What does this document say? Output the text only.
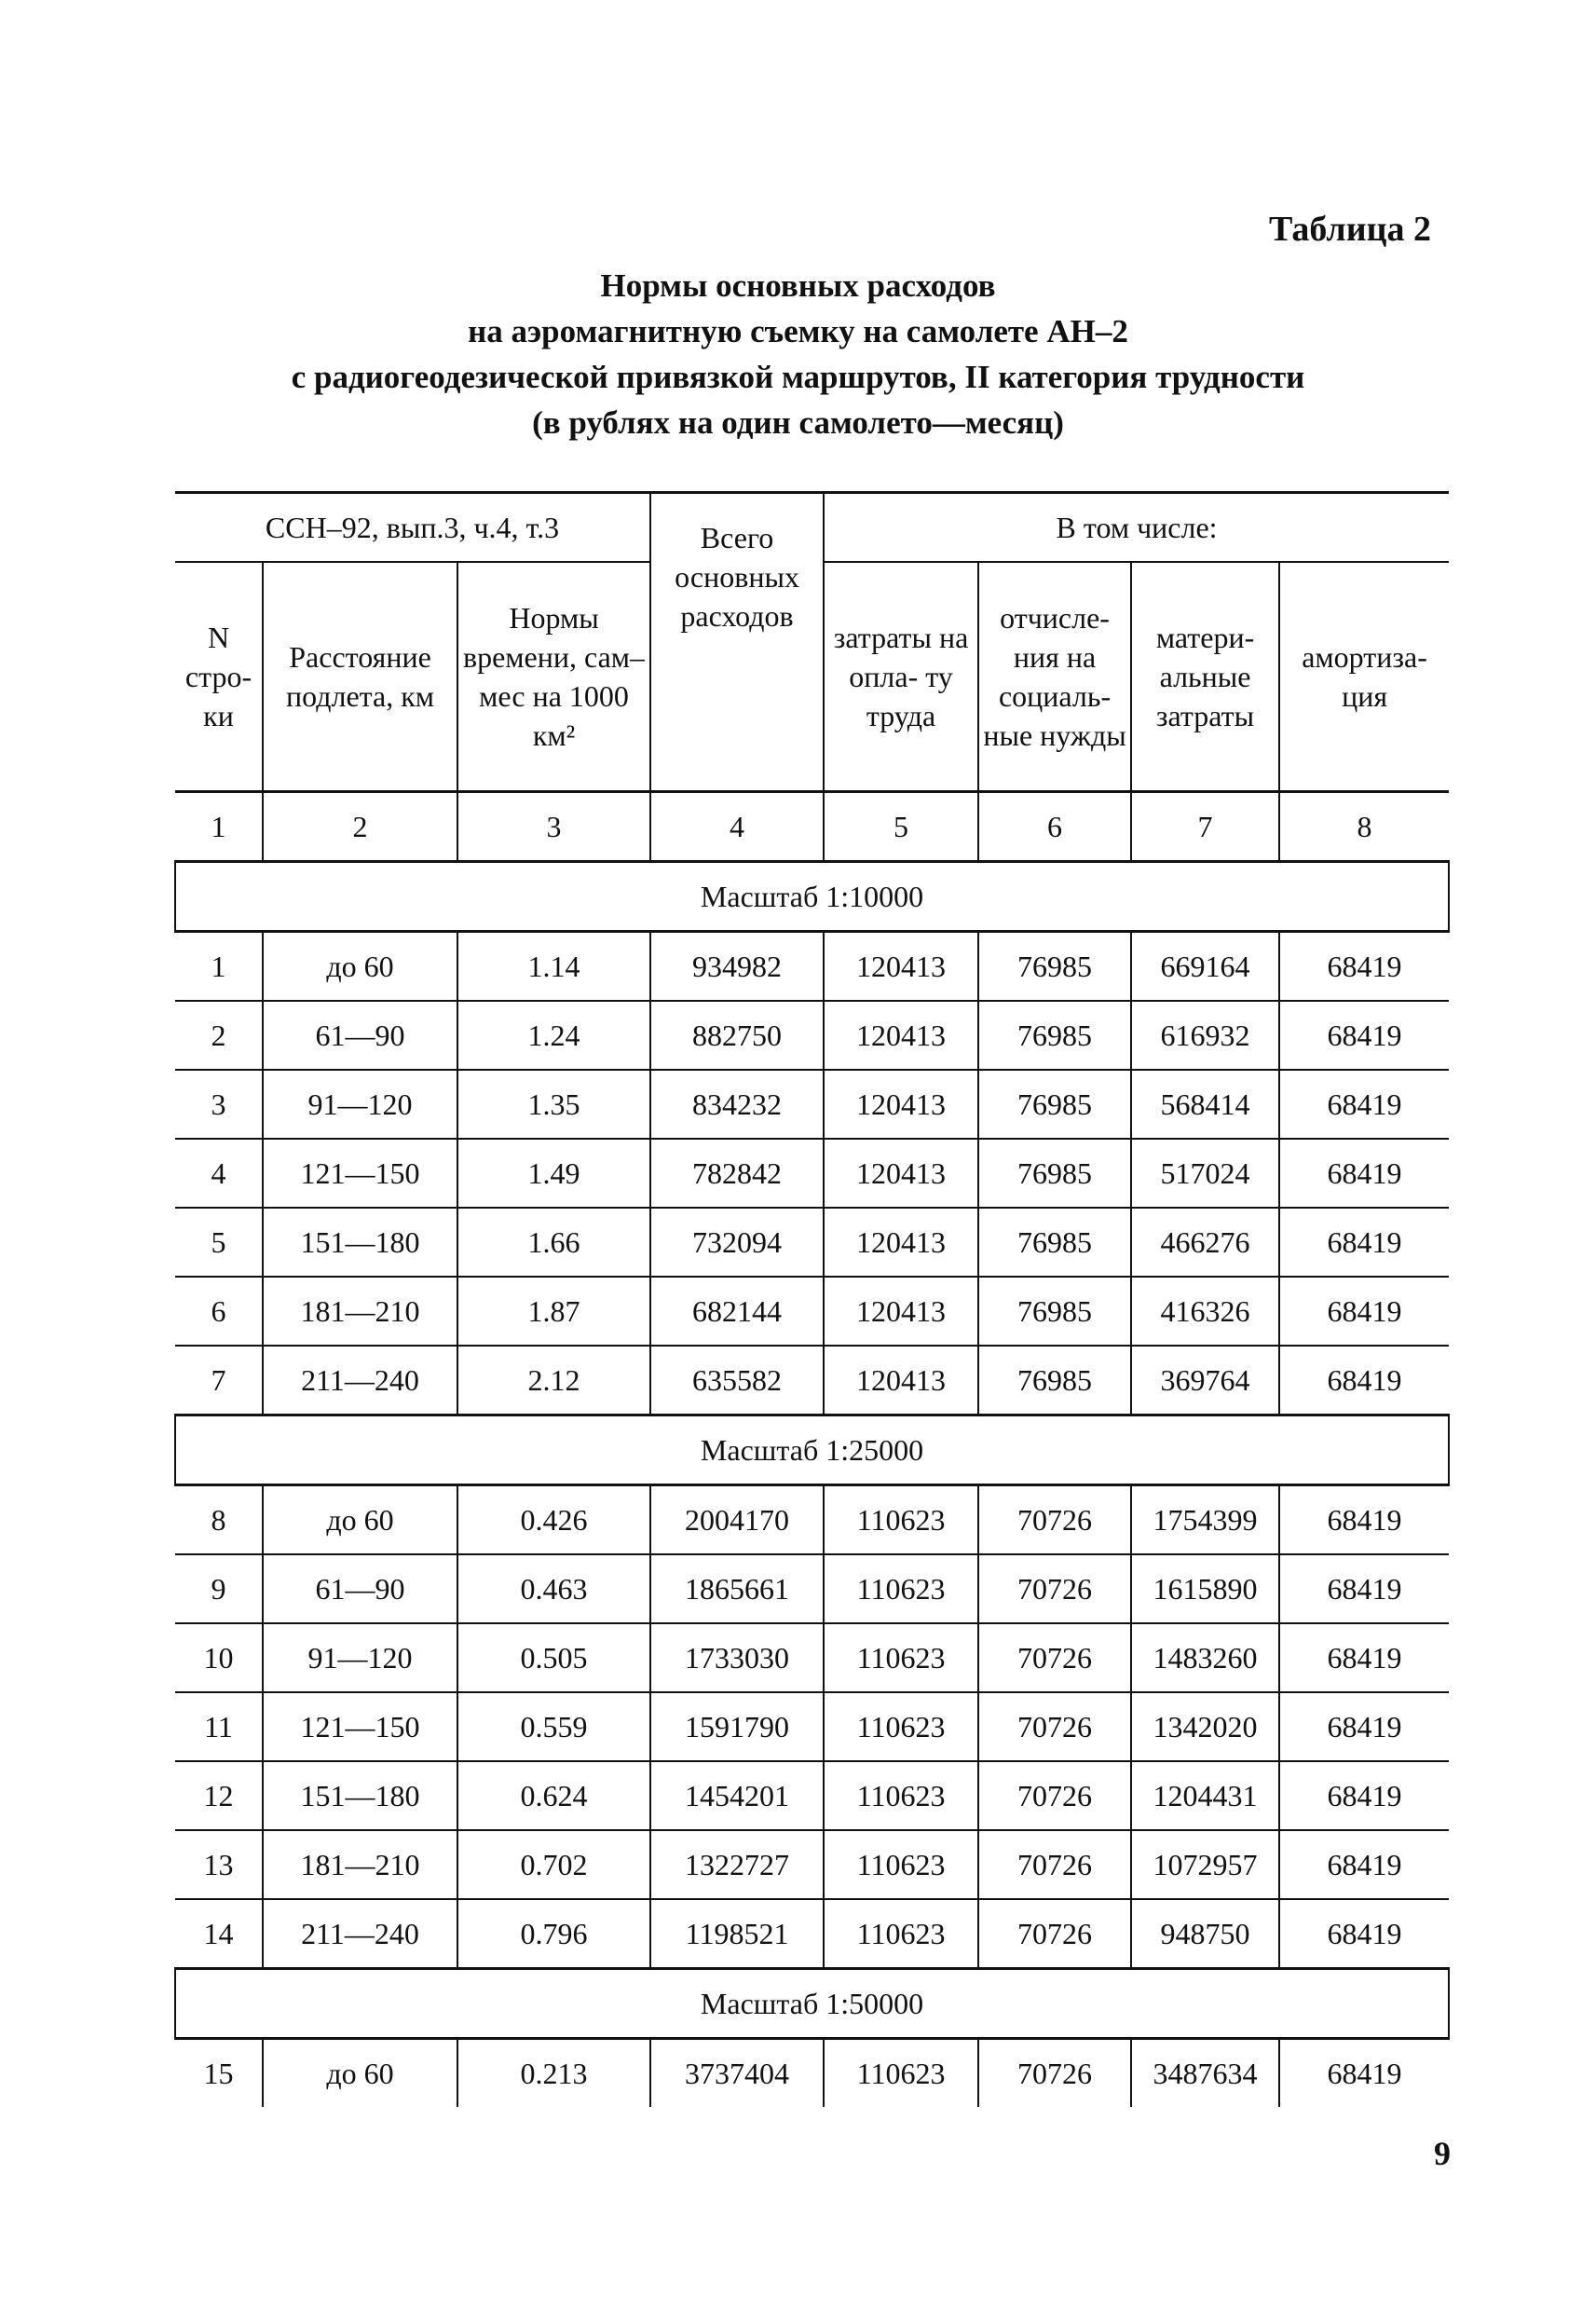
Таблица 2
Нормы основных расходов
на аэромагнитную съемку на самолете АН–2
с радиогеодезической привязкой маршрутов, II категория трудности
(в рублях на один самолето—месяц)
ССН–92, вып.3, ч.4, т.3			Всего основных расходов	В том числе:			
N стро- ки	Расстояние подлета, км	Нормы времени, сам–мес на 1000 км²		затраты на опла- ту труда	отчисле- ния на социаль- ные нужды	матери- альные затраты	амортиза- ция
1	2	3	4	5	6	7	8
Масштаб 1:10000							
1	до 60	1.14	934982	120413	76985	669164	68419
2	61—90	1.24	882750	120413	76985	616932	68419
3	91—120	1.35	834232	120413	76985	568414	68419
4	121—150	1.49	782842	120413	76985	517024	68419
5	151—180	1.66	732094	120413	76985	466276	68419
6	181—210	1.87	682144	120413	76985	416326	68419
7	211—240	2.12	635582	120413	76985	369764	68419
Масштаб 1:25000							
8	до 60	0.426	2004170	110623	70726	1754399	68419
9	61—90	0.463	1865661	110623	70726	1615890	68419
10	91—120	0.505	1733030	110623	70726	1483260	68419
11	121—150	0.559	1591790	110623	70726	1342020	68419
12	151—180	0.624	1454201	110623	70726	1204431	68419
13	181—210	0.702	1322727	110623	70726	1072957	68419
14	211—240	0.796	1198521	110623	70726	948750	68419
Масштаб 1:50000							
15	до 60	0.213	3737404	110623	70726	3487634	68419
9
